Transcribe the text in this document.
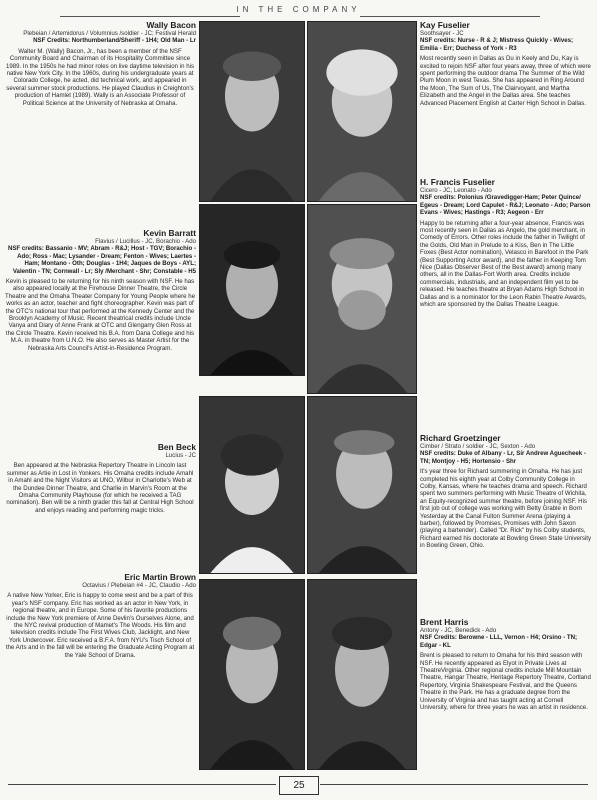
IN THE COMPANY
Wally Bacon
Plebeian / Artemidorus / Volumnius /soldier - JC; Festival Herald
NSF Credits: Northumberland/Sheriff - 1H4; Old Man - Lr
Walter M. (Wally) Bacon, Jr., has been a member of the NSF Community Board and Chairman of its Hospitality Committee since 1989. In the 1950s he had minor roles on live daytime television in his native New York City. In the 1960s, during his undergraduate years at Colorado College, he acted, did technical work, and appeared in several summer stock productions. He played Claudius in Creighton's production of Hamlet (1989). Wally is an Associate Professor of Political Science at the University of Nebraska at Omaha.
Kevin Barratt
Flavius / Lucillus - JC, Borachio - Ado
NSF credits: Bassanio - MV; Abram - R&J; Host - TGV; Borachio - Ado; Ross - Mac; Lysander - Dream; Fenton - Wives; Laertes - Ham; Montano - Oth; Douglas - 1H4; Jaques de Boys - AYL; Valentin - TN; Cornwall - Lr; Sly /Merchant - Shr; Constable - H5
Kevin is pleased to be returning for his ninth season with NSF. He has also appeared locally at the Firehouse Dinner Theatre, the Circle Theatre and the Omaha Theater Company for Young People where he works as an actor, teacher and fight choreographer. Kevin was part of the OTC's national tour that performed at the Kennedy Center and the Brooklyn Academy of Music. Recent theatrical credits include Uncle Vanya and Diary of Anne Frank at OTC and Glengarry Glen Ross at the Circle Theatre. Kevin received his B.A. from Dana College and his M.A. in theatre from U.N.O. He also serves as Master Artist for the Nebraska Arts Council's Artist-in-Residence Program.
Ben Beck
Lucius - JC
Ben appeared at the Nebraska Repertory Theatre in Lincoln last summer as Artie in Lost in Yonkers. His Omaha credits include Amahl in Amahl and the Night Visitors at UNO, Wilbur in Charlotte's Web at the Dundee Dinner Theatre, and Charlie in Marvin's Room at the Omaha Community Playhouse (for which he received a TAG nomination). Ben will be a ninth grader this fall at Central High School and enjoys reading and performing magic tricks.
Eric Martin Brown
Octavius / Plebeian #4 - JC, Claudio - Ado
A native New Yorker, Eric is happy to come west and be a part of this year's NSF company. Eric has worked as an actor in New York, in regional theatre, and in Europe. Some of his favorite productions include the New York premiere of Anne Devlin's Ourselves Alone, and the NYC revival production of Mamet's The Woods. His film and television credits include The First Wives Club, Jacklight, and New York Undercover. Eric received a B.F.A. from NYU's Tisch School of the Arts and in the fall will be entering the Graduate Acting Program at the Yale School of Drama.
Kay Fuselier
Soothsayer - JC
NSF credits: Nurse - R & J; Mistress Quickly - Wives; Emilia - Err; Duchess of York - R3
Most recently seen in Dallas as Du in Keely and Du, Kay is excited to rejoin NSF after four years away, three of which were spent performing the outdoor drama The Summer of the Wild Plum Moon in west Texas. She has appeared in Ring Around the Moon, The Sum of Us, The Clairvoyant, and Martha Elizabeth and the Angel in the Dallas area. She teaches Advanced Placement English at Carter High School in Dallas.
H. Francis Fuselier
Cicero - JC, Leonato - Ado
NSF credits: Polonius /Gravedigger-Ham; Peter Quince/ Egeus - Dream; Lord Capulet - R&J; Leonato - Ado; Parson Evans - Wives; Hastings - R3; Aegeon - Err
Happy to be returning after a four-year absence, Francis was most recently seen in Dallas as Angelo, the gold merchant, in Comedy of Errors. Other roles include the father in Twilight of the Golds, Old Man in Prelude to a Kiss, Ben in The Little Foxes (Best Actor nomination), Velasco in Barefoot in the Park (Best Supporting Actor award), and the father in Keeping Tom Nice (Dallas Observer Best of the Best award) among many others, all in the Dallas-Fort Worth area. Credits include commercials, industrials, and an independent film yet to be released. He teaches theatre at Bryan Adams High School in Dallas and is a nominator for the Leon Rabin Theatre Awards, which are sponsored by the Dallas Theatre League.
Richard Groetzinger
Cimber / Strato / soldier - JC, Sexton - Ado
NSF credits: Duke of Albany - Lr, Sir Andrew Aguecheek - TN; Montjoy - H5; Hortensio - Shr
It's year three for Richard summering in Omaha. He has just completed his eighth year at Colby Community College in Colby, Kansas, where he teaches drama and speech. Richard spent two summers performing with Music Theatre of Wichita, an Equity-recognized summer theatre, before joining NSF. His first job out of college was working with Betty Grable in Born Yesterday at the Canal Fulton Summer Arena (playing a barber), followed by Promises, Promises with John Saxon (playing a bartender). Called "Dr. Rick" by his Colby students, Richard earned his doctorate at Bowling Green State University in Bowling Green, Ohio.
Brent Harris
Antony - JC, Benedick - Ado
NSF Credits: Berowne - LLL, Vernon - H4; Orsino - TN; Edgar - KL
Brent is pleased to return to Omaha for his third season with NSF. He recently appeared as Elyot in Private Lives at TheatreVirginia. Other regional credits include Mill Mountain Theatre, Hangar Theatre, Heritage Repertory Theatre, Cortland Repertory, Virginia Shakespeare Festival, and the Queens Theatre in the Park. He has a graduate degree from the University of Virginia and has taught acting at Cornell University, where for three years he was an artist in residence.
25
